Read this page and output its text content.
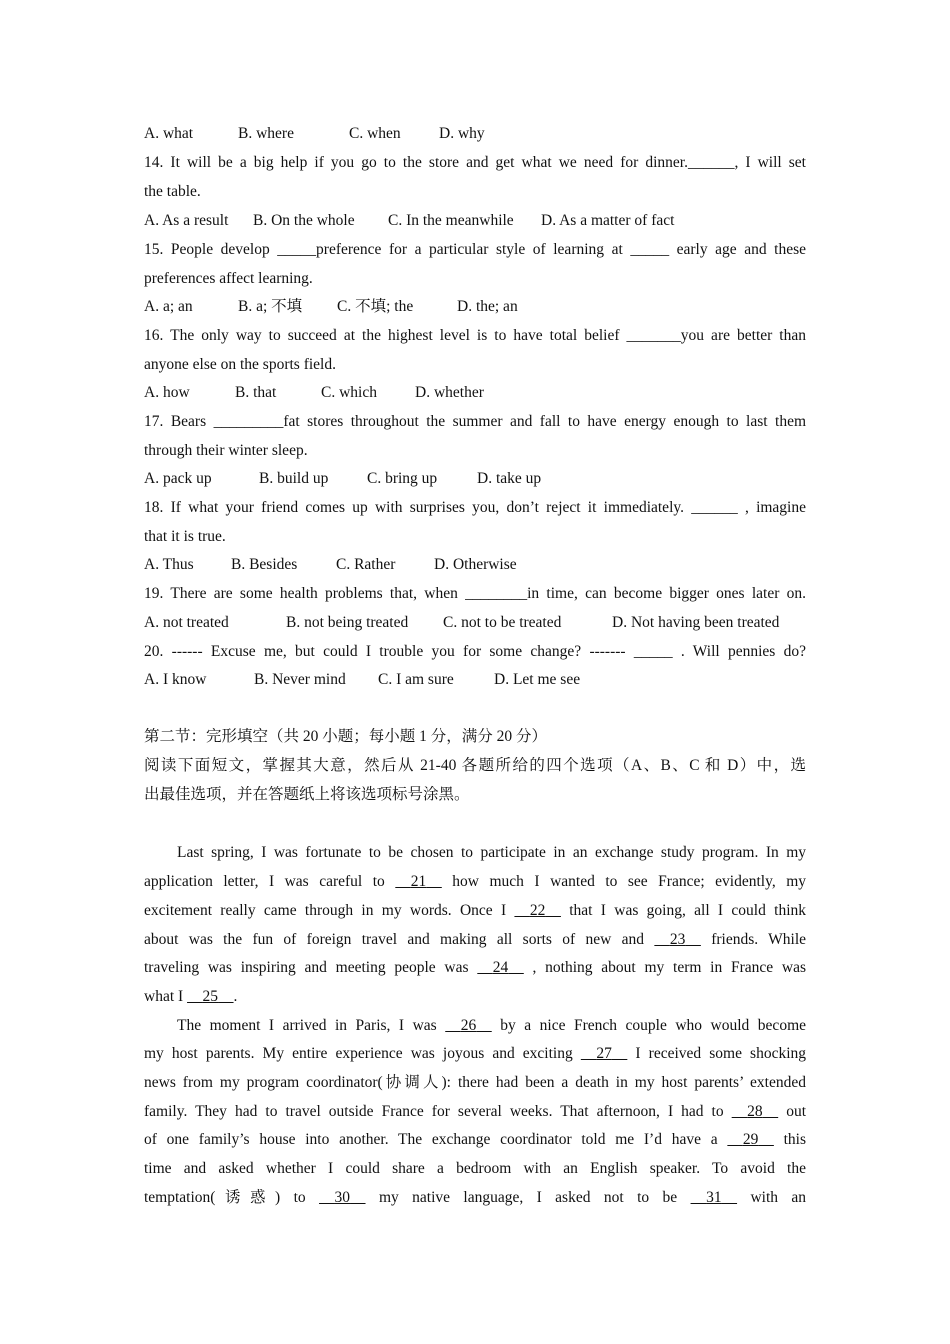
A. what	B. where	C. when D. why
14. It will be a big help if you go to the store and get what we need for dinner.______, I will set
the table.
A. As a result B. On the whole C. In the meanwhile D. As a matter of fact
15. People develop _____preference for a particular style of learning at _____ early age and these
preferences affect learning.
A. a; an	B. a; 不填 C. 不填; the	D. the; an
16. The only way to succeed at the highest level is to have total belief _______you are better than
anyone else on the sports field.
A. how	B. that	C. which D. whether
17. Bears _________fat stores throughout the summer and fall to have energy enough to last them
through their winter sleep.
A. pack up	B. build up C. bring up	D. take up
18. If what your friend comes up with surprises you, don’t reject it immediately. ______ , imagine
that it is true.
A. Thus B. Besides C. Rather D. Otherwise
19. There are some health problems that, when ________in time, can become bigger ones later on.
A. not treated	B. not being treated C. not to be treated	D. Not having been treated
20. ------ Excuse me, but could I trouble you for some change? ------- _____ . Will pennies do?
A. I know	B. Never mind C. I am sure	D. Let me see
第二节：完形填空（共 20 小题；每小题 1 分，满分 20 分）
阅读下面短文，掌握其大意，然后从 21-40 各题所给的四个选项（A、B、C 和 D）中，选
出最佳选项，并在答题纸上将该选项标号涂黑。
Last spring, I was fortunate to be chosen to participate in an exchange study program. In my
application letter, I was careful to 21 how much I wanted to see France; evidently, my
excitement really came through in my words. Once I 22 that I was going, all I could think
about was the fun of foreign travel and making all sorts of new and 23 friends. While
traveling was inspiring and meeting people was 24 , nothing about my term in France was
what I 25 .
The moment I arrived in Paris, I was 26 by a nice French couple who would become
my host parents. My entire experience was joyous and exciting 27 I received some shocking
news from my program coordinator(协调人): there had been a death in my host parents’ extended
family. They had to travel outside France for several weeks. That afternoon, I had to 28 out
of one family’s house into another. The exchange coordinator told me I’d have a 29 this
time and asked whether I could share a bedroom with an English speaker. To avoid the
temptation(诱惑) to 30 my native language, I asked not to be 31 with an
